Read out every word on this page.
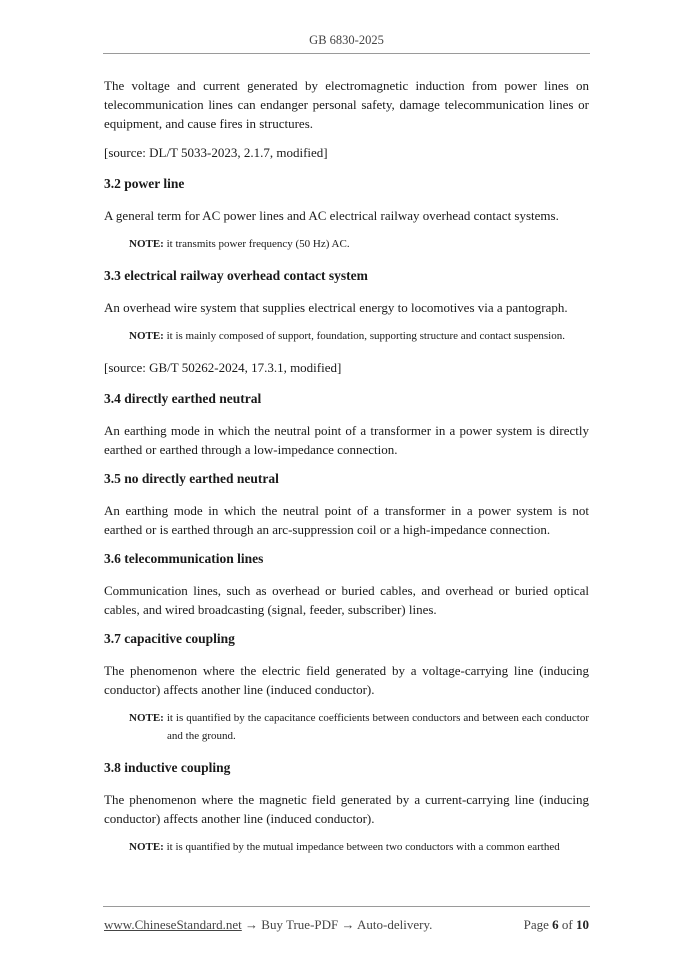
GB 6830-2025

The voltage and current generated by electromagnetic induction from power lines on telecommunication lines can endanger personal safety, damage telecommunication lines or equipment, and cause fires in structures.

[source: DL/T 5033-2023, 2.1.7, modified]

3.2 power line

A general term for AC power lines and AC electrical railway overhead contact systems.

NOTE: it transmits power frequency (50 Hz) AC.
3.3 electrical railway overhead contact system

An overhead wire system that supplies electrical energy to locomotives via a pantograph.

NOTE: it is mainly composed of support, foundation, supporting structure and contact suspension.

[source: GB/T 50262-2024, 17.3.1, modified]

3.4 directly earthed neutral

An earthing mode in which the neutral point of a transformer in a power system is directly earthed or earthed through a low-impedance connection.

3.5 no directly earthed neutral

An earthing mode in which the neutral point of a transformer in a power system is not earthed or is earthed through an arc-suppression coil or a high-impedance connection.

3.6 telecommunication lines

Communication lines, such as overhead or buried cables, and overhead or buried optical cables, and wired broadcasting (signal, feeder, subscriber) lines.

3.7 capacitive coupling

The phenomenon where the electric field generated by a voltage-carrying line (inducing conductor) affects another line (induced conductor).

NOTE: it is quantified by the capacitance coefficients between conductors and between each conductor and the ground.
3.8 inductive coupling

The phenomenon where the magnetic field generated by a current-carrying line (inducing conductor) affects another line (induced conductor).

NOTE: it is quantified by the mutual impedance between two conductors with a common earthed
www.ChineseStandard.net → Buy True-PDF → Auto-delivery.	Page 6 of 10
